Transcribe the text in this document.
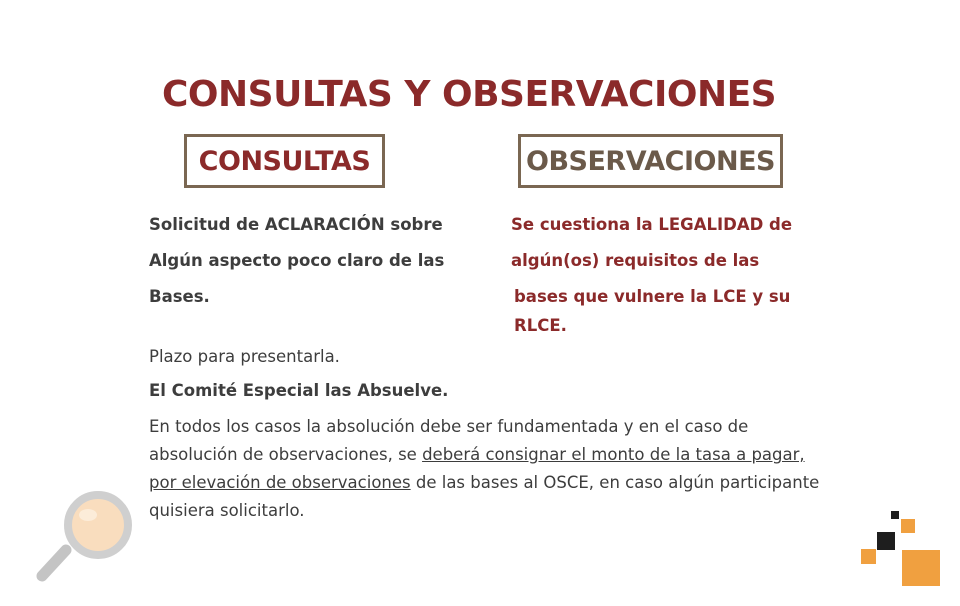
CONSULTAS Y OBSERVACIONES
CONSULTAS	OBSERVACIONES
Solicitud de ACLARACIÓN sobre
Algún aspecto poco claro de las
Bases.
Se cuestiona la LEGALIDAD de
algún(os) requisitos de las
bases que vulnere la LCE y su
RLCE.
Plazo para presentarla.
El Comité Especial las Absuelve.
En todos los casos la absolución debe ser fundamentada y en el caso de absolución de observaciones, se deberá consignar el monto de la tasa a pagar, por elevación de observaciones de las bases al OSCE, en caso algún participante quisiera solicitarlo.
